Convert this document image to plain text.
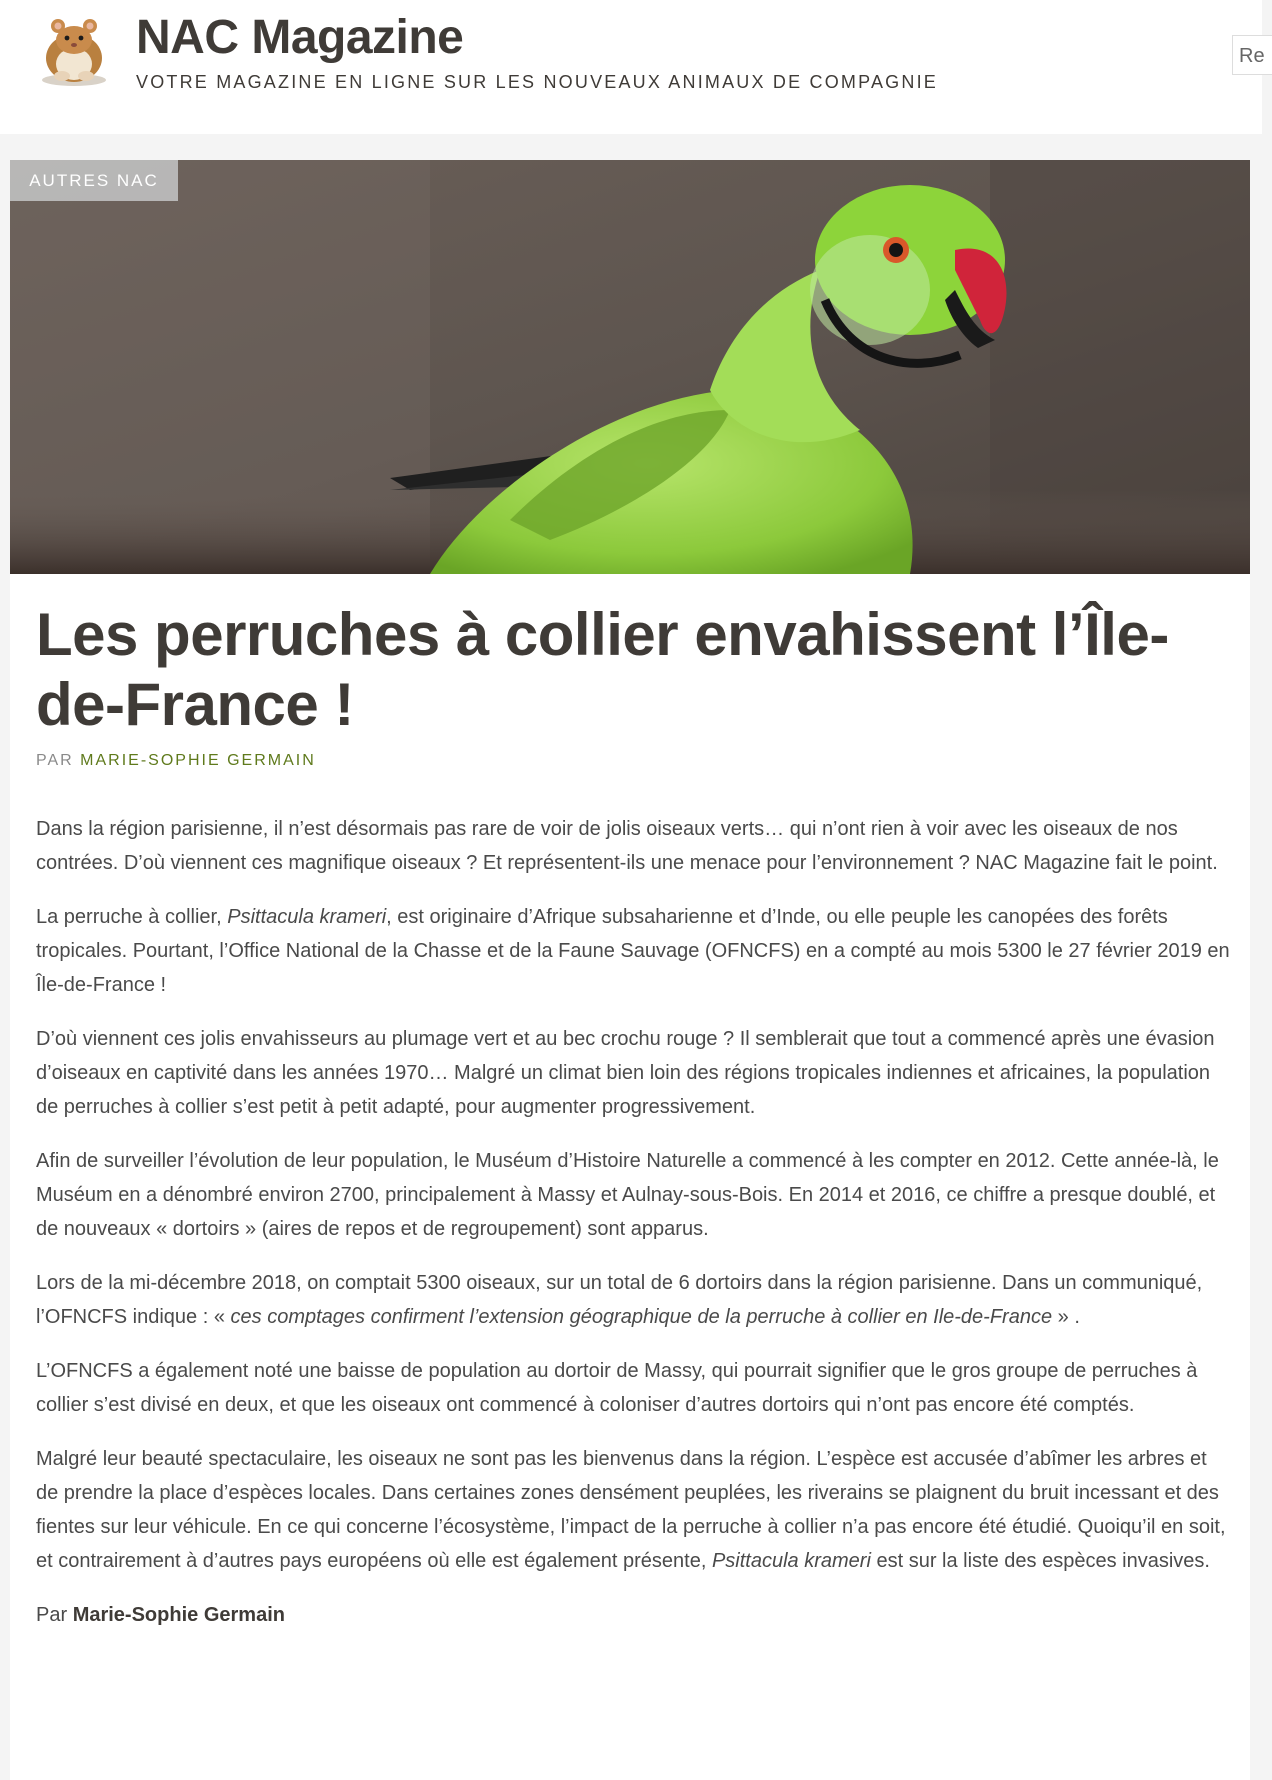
NAC Magazine
VOTRE MAGAZINE EN LIGNE SUR LES NOUVEAUX ANIMAUX DE COMPAGNIE
Re
AUTRES NAC
Les perruches à collier envahissent l’Île-de-France !
PAR MARIE-SOPHIE GERMAIN

Dans la région parisienne, il n’est désormais pas rare de voir de jolis oiseaux verts… qui n’ont rien à voir avec les oiseaux de nos contrées. D’où viennent ces magnifique oiseaux ? Et représentent-ils une menace pour l’environnement ? NAC Magazine fait le point.

La perruche à collier, Psittacula krameri, est originaire d’Afrique subsaharienne et d’Inde, ou elle peuple les canopées des forêts tropicales. Pourtant, l’Office National de la Chasse et de la Faune Sauvage (OFNCFS) en a compté au mois 5300 le 27 février 2019 en Île-de-France !

D’où viennent ces jolis envahisseurs au plumage vert et au bec crochu rouge ? Il semblerait que tout a commencé après une évasion d’oiseaux en captivité dans les années 1970… Malgré un climat bien loin des régions tropicales indiennes et africaines, la population de perruches à collier s’est petit à petit adapté, pour augmenter progressivement.

Afin de surveiller l’évolution de leur population, le Muséum d’Histoire Naturelle a commencé à les compter en 2012. Cette année-là, le Muséum en a dénombré environ 2700, principalement à Massy et Aulnay-sous-Bois. En 2014 et 2016, ce chiffre a presque doublé, et de nouveaux « dortoirs » (aires de repos et de regroupement) sont apparus.

Lors de la mi-décembre 2018, on comptait 5300 oiseaux, sur un total de 6 dortoirs dans la région parisienne. Dans un communiqué, l’OFNCFS indique : « ces comptages confirment l’extension géographique de la perruche à collier en Ile-de-France » .

L’OFNCFS a également noté une baisse de population au dortoir de Massy, qui pourrait signifier que le gros groupe de perruches à collier s’est divisé en deux, et que les oiseaux ont commencé à coloniser d’autres dortoirs qui n’ont pas encore été comptés.

Malgré leur beauté spectaculaire, les oiseaux ne sont pas les bienvenus dans la région. L’espèce est accusée d’abîmer les arbres et de prendre la place d’espèces locales. Dans certaines zones densément peuplées, les riverains se plaignent du bruit incessant et des fientes sur leur véhicule. En ce qui concerne l’écosystème, l’impact de la perruche à collier n’a pas encore été étudié. Quoiqu’il en soit, et contrairement à d’autres pays européens où elle est également présente, Psittacula krameri est sur la liste des espèces invasives.

Par Marie-Sophie Germain
